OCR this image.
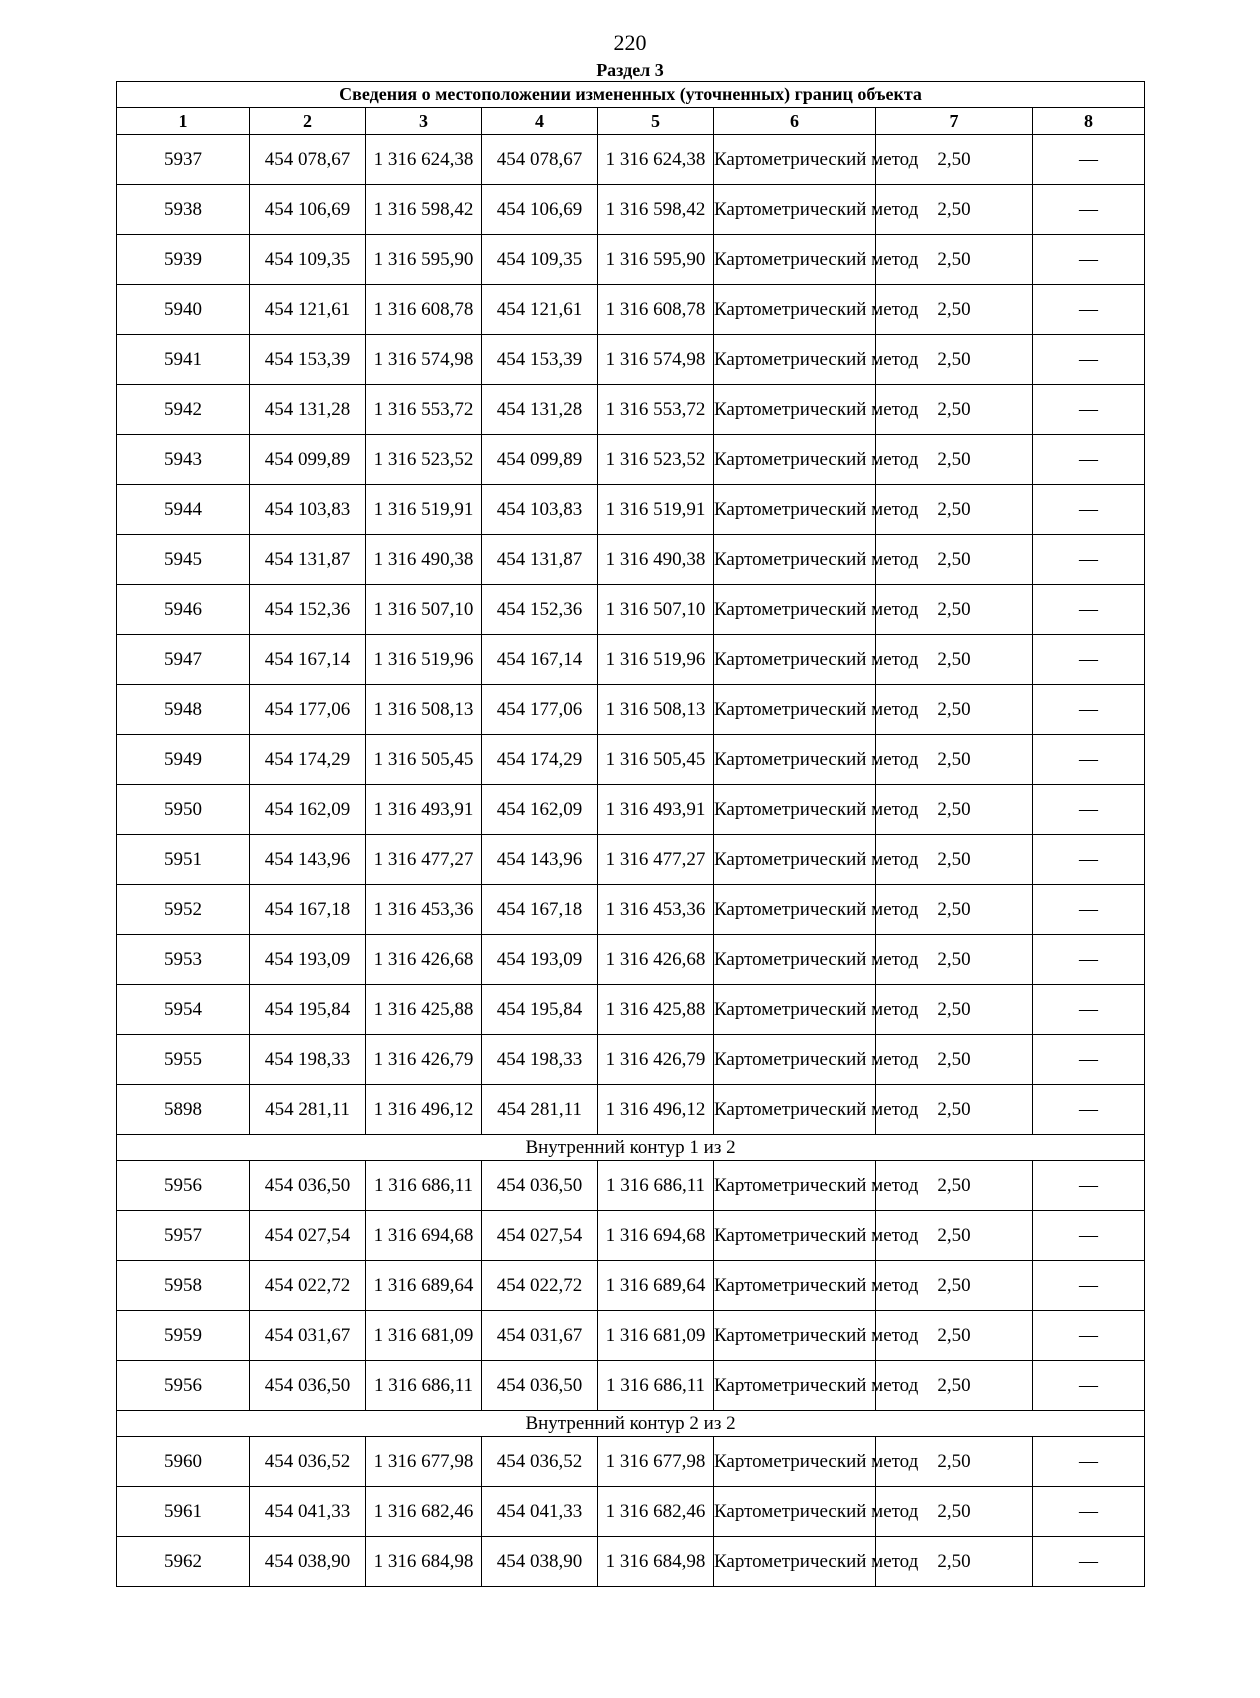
220
Раздел 3
Сведения о местоположении измененных (уточненных) границ объекта							
1	2	3	4	5	6	7	8
5937	454 078,67	1 316 624,38	454 078,67	1 316 624,38	Картометрический метод	2,50	—
5938	454 106,69	1 316 598,42	454 106,69	1 316 598,42	Картометрический метод	2,50	—
5939	454 109,35	1 316 595,90	454 109,35	1 316 595,90	Картометрический метод	2,50	—
5940	454 121,61	1 316 608,78	454 121,61	1 316 608,78	Картометрический метод	2,50	—
5941	454 153,39	1 316 574,98	454 153,39	1 316 574,98	Картометрический метод	2,50	—
5942	454 131,28	1 316 553,72	454 131,28	1 316 553,72	Картометрический метод	2,50	—
5943	454 099,89	1 316 523,52	454 099,89	1 316 523,52	Картометрический метод	2,50	—
5944	454 103,83	1 316 519,91	454 103,83	1 316 519,91	Картометрический метод	2,50	—
5945	454 131,87	1 316 490,38	454 131,87	1 316 490,38	Картометрический метод	2,50	—
5946	454 152,36	1 316 507,10	454 152,36	1 316 507,10	Картометрический метод	2,50	—
5947	454 167,14	1 316 519,96	454 167,14	1 316 519,96	Картометрический метод	2,50	—
5948	454 177,06	1 316 508,13	454 177,06	1 316 508,13	Картометрический метод	2,50	—
5949	454 174,29	1 316 505,45	454 174,29	1 316 505,45	Картометрический метод	2,50	—
5950	454 162,09	1 316 493,91	454 162,09	1 316 493,91	Картометрический метод	2,50	—
5951	454 143,96	1 316 477,27	454 143,96	1 316 477,27	Картометрический метод	2,50	—
5952	454 167,18	1 316 453,36	454 167,18	1 316 453,36	Картометрический метод	2,50	—
5953	454 193,09	1 316 426,68	454 193,09	1 316 426,68	Картометрический метод	2,50	—
5954	454 195,84	1 316 425,88	454 195,84	1 316 425,88	Картометрический метод	2,50	—
5955	454 198,33	1 316 426,79	454 198,33	1 316 426,79	Картометрический метод	2,50	—
5898	454 281,11	1 316 496,12	454 281,11	1 316 496,12	Картометрический метод	2,50	—
Внутренний контур 1 из 2							
5956	454 036,50	1 316 686,11	454 036,50	1 316 686,11	Картометрический метод	2,50	—
5957	454 027,54	1 316 694,68	454 027,54	1 316 694,68	Картометрический метод	2,50	—
5958	454 022,72	1 316 689,64	454 022,72	1 316 689,64	Картометрический метод	2,50	—
5959	454 031,67	1 316 681,09	454 031,67	1 316 681,09	Картометрический метод	2,50	—
5956	454 036,50	1 316 686,11	454 036,50	1 316 686,11	Картометрический метод	2,50	—
Внутренний контур 2 из 2							
5960	454 036,52	1 316 677,98	454 036,52	1 316 677,98	Картометрический метод	2,50	—
5961	454 041,33	1 316 682,46	454 041,33	1 316 682,46	Картометрический метод	2,50	—
5962	454 038,90	1 316 684,98	454 038,90	1 316 684,98	Картометрический метод	2,50	—
